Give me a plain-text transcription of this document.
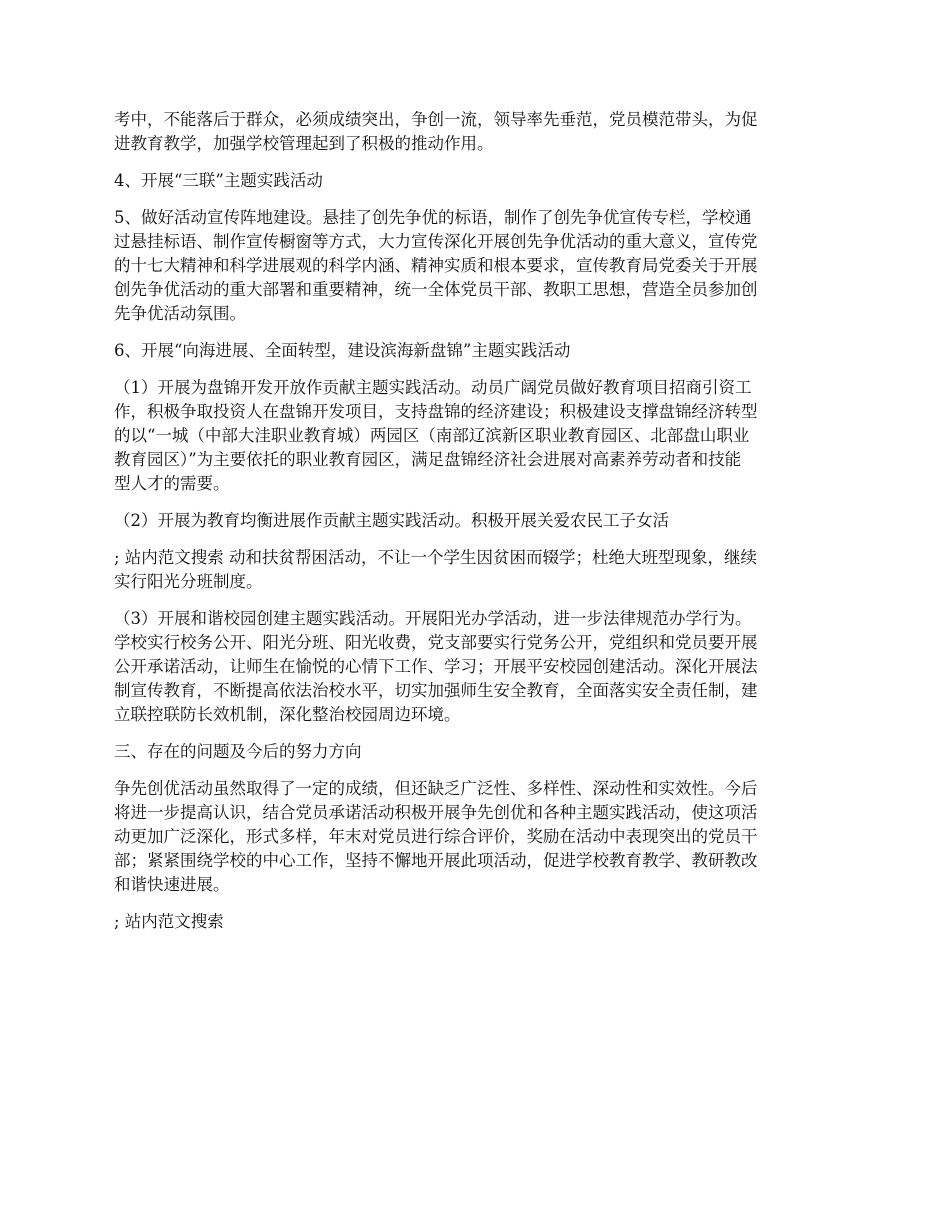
考中，不能落后于群众，必须成绩突出，争创一流，领导率先垂范，党员模范带头，为促
进教育教学，加强学校管理起到了积极的推动作用。

4、开展“三联”主题实践活动

5、做好活动宣传阵地建设。悬挂了创先争优的标语，制作了创先争优宣传专栏，学校通
过悬挂标语、制作宣传橱窗等方式，大力宣传深化开展创先争优活动的重大意义，宣传党
的十七大精神和科学进展观的科学内涵、精神实质和根本要求，宣传教育局党委关于开展
创先争优活动的重大部署和重要精神，统一全体党员干部、教职工思想，营造全员参加创
先争优活动氛围。

6、开展“向海进展、全面转型，建设滨海新盘锦”主题实践活动

（1）开展为盘锦开发开放作贡献主题实践活动。动员广阔党员做好教育项目招商引资工
作，积极争取投资人在盘锦开发项目，支持盘锦的经济建设；积极建设支撑盘锦经济转型
的以“一城（中部大洼职业教育城）两园区（南部辽滨新区职业教育园区、北部盘山职业
教育园区）”为主要依托的职业教育园区，满足盘锦经济社会进展对高素养劳动者和技能
型人才的需要。

（2）开展为教育均衡进展作贡献主题实践活动。积极开展关爱农民工子女活

; 站内范文搜索 动和扶贫帮困活动，不让一个学生因贫困而辍学；杜绝大班型现象，继续
实行阳光分班制度。

（3）开展和谐校园创建主题实践活动。开展阳光办学活动，进一步法律规范办学行为。
学校实行校务公开、阳光分班、阳光收费，党支部要实行党务公开，党组织和党员要开展
公开承诺活动，让师生在愉悦的心情下工作、学习；开展平安校园创建活动。深化开展法
制宣传教育，不断提高依法治校水平，切实加强师生安全教育，全面落实安全责任制，建
立联控联防长效机制，深化整治校园周边环境。

三、存在的问题及今后的努力方向

争先创优活动虽然取得了一定的成绩，但还缺乏广泛性、多样性、深动性和实效性。今后
将进一步提高认识，结合党员承诺活动积极开展争先创优和各种主题实践活动，使这项活
动更加广泛深化，形式多样，年末对党员进行综合评价，奖励在活动中表现突出的党员干
部；紧紧围绕学校的中心工作，坚持不懈地开展此项活动，促进学校教育教学、教研教改
和谐快速进展。

; 站内范文搜索
